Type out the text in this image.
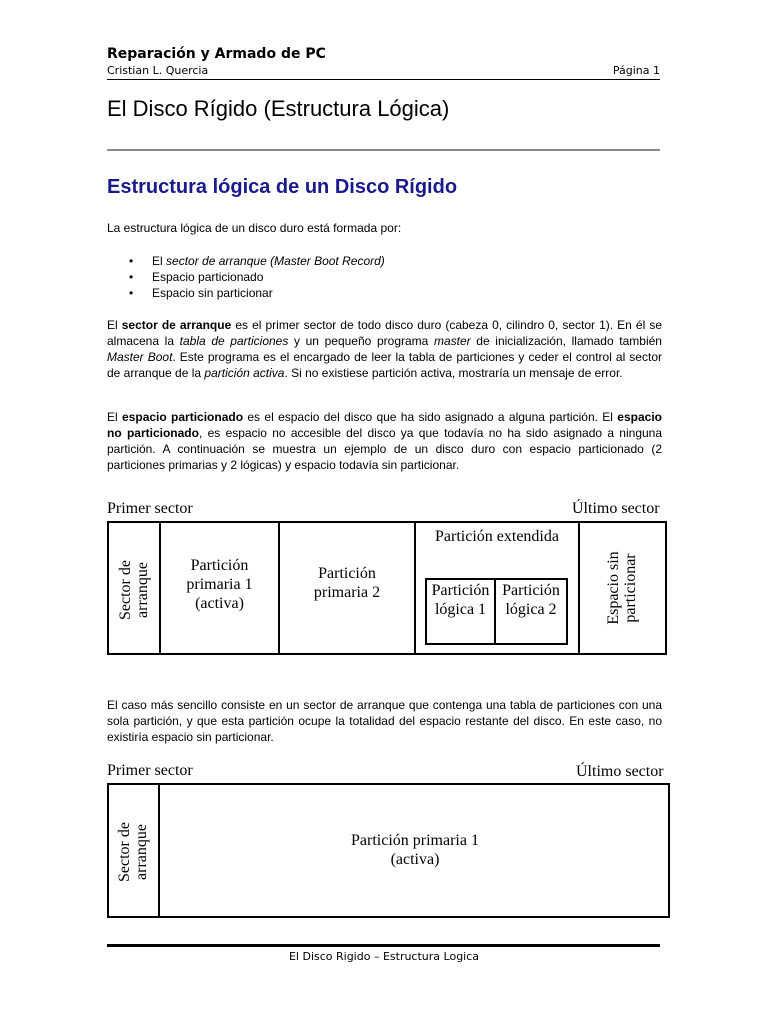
Reparación y Armado de PC
Cristian L. Quercia	Página 1
El Disco Rígido (Estructura Lógica)
Estructura lógica de un Disco Rígido
La estructura lógica de un disco duro está formada por:
• El sector de arranque (Master Boot Record)
• Espacio particionado
• Espacio sin particionar
El sector de arranque es el primer sector de todo disco duro (cabeza 0, cilindro 0, sector 1). En él se almacena la tabla de particiones y un pequeño programa master de inicialización, llamado también Master Boot. Este programa es el encargado de leer la tabla de particiones y ceder el control al sector de arranque de la partición activa. Si no existiese partición activa, mostraría un mensaje de error.
El espacio particionado es el espacio del disco que ha sido asignado a alguna partición. El espacio no particionado, es espacio no accesible del disco ya que todavía no ha sido asignado a ninguna partición. A continuación se muestra un ejemplo de un disco duro con espacio particionado (2 particiones primarias y 2 lógicas) y espacio todavía sin particionar.
Primer sector	Último sector
Sector de arranque	Partición
primaria 1
(activa)
Partición
primaria 2
Partición extendida
Partición
lógica 1
Partición
lógica 2	Espacio sin particionar
El caso más sencillo consiste en un sector de arranque que contenga una tabla de particiones con una sola partición, y que esta partición ocupe la totalidad del espacio restante del disco. En este caso, no existiría espacio sin particionar.
Primer sector	Último sector
Sector de arranque	Partición primaria 1
(activa)
El Disco Rigido – Estructura Logica
